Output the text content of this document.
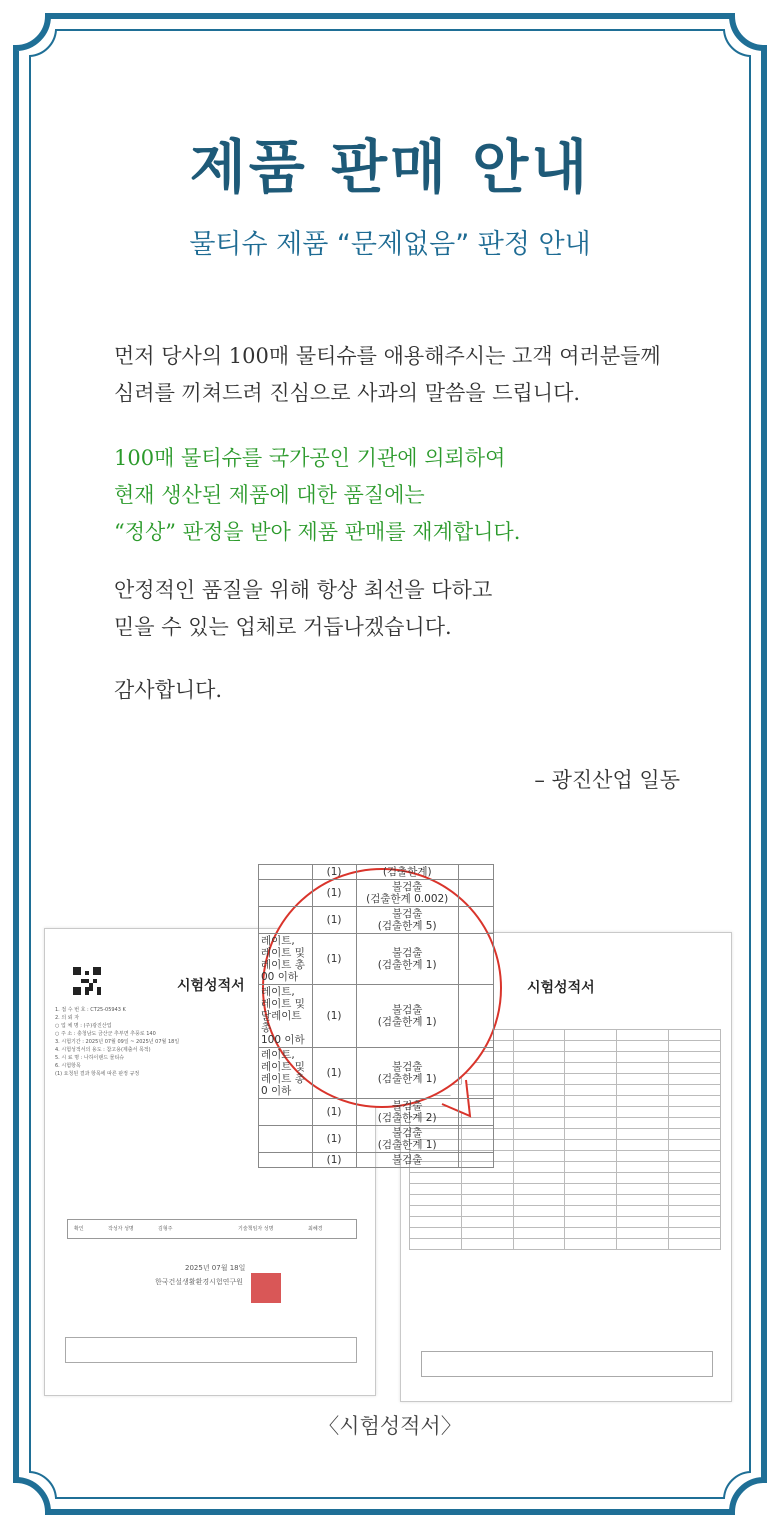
제품 판매 안내
물티슈 제품 “문제없음” 판정 안내
먼저 당사의 100매 물티슈를 애용해주시는 고객 여러분들께
심려를 끼쳐드려 진심으로 사과의 말씀을 드립니다.
100매 물티슈를 국가공인 기관에 의뢰하여
현재 생산된 제품에 대한 품질에는
“정상” 판정을 받아 제품 판매를 재계합니다.
안정적인 품질을 위해 항상 최선을 다하고
믿을 수 있는 업체로 거듭나겠습니다.
감사합니다.
– 광진산업 일동
시험성적서
1. 접 수 번 호 : CT25-05943 K
2. 의 뢰 자
○ 업 체 명 : (주)광진산업
○ 주 소 : 충청남도 금산군 추부면 추풍로 140
3. 시험기간 : 2025년 07월 09일 ~ 2025년 07월 18일
4. 시험성적서의 용도 : 참고용(제출서 목적)
5. 시 료 명 : 나하이랜드 물티슈
6. 시험항목
(1) 요청된 결과 항목에 따른 판정 규정
확인	작성자 성명	김형주	기술책임자 성명	최혜경
2025년 07월 18일
한국건설생활환경시험연구원
시험성적서

	(1)	(검출한계)	
	(1)	불검출
(검출한계 0.002)	
	(1)	불검출
(검출한계 5)	
레이트,
레이트 및
레이트 총
00 이하	(1)	불검출
(검출한계 1)	
레이트,
레이트 및
달레이트 총
100 이하	(1)	불검출
(검출한계 1)	
레이트,
레이트 및
레이트 총
0 이하	(1)	불검출
(검출한계 1)	
	(1)	불검출
(검출한계 2)	
	(1)	불검출
(검출한계 1)	
	(1)	불검출	
〈시험성적서〉
